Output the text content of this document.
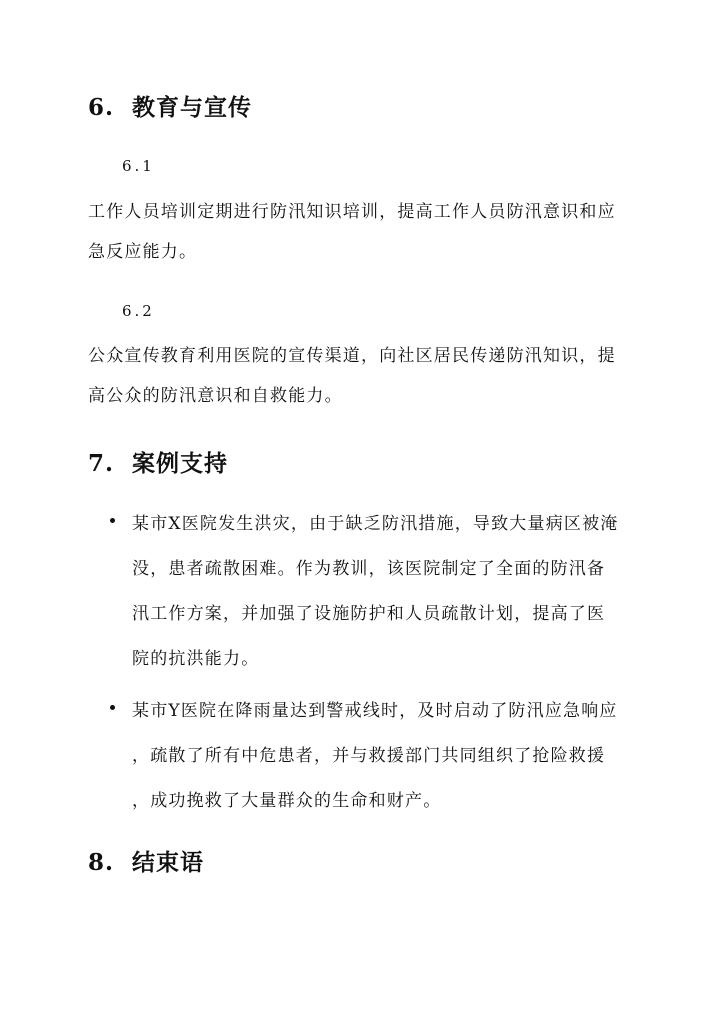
6. 教育与宣传
6.1
工作人员培训定期进行防汛知识培训，提高工作人员防汛意识和应
急反应能力。
6.2
公众宣传教育利用医院的宣传渠道，向社区居民传递防汛知识，提
高公众的防汛意识和自救能力。
7. 案例支持
某市X医院发生洪灾，由于缺乏防汛措施，导致大量病区被淹
没，患者疏散困难。作为教训，该医院制定了全面的防汛备
汛工作方案，并加强了设施防护和人员疏散计划，提高了医
院的抗洪能力。
某市Y医院在降雨量达到警戒线时，及时启动了防汛应急响应
，疏散了所有中危患者，并与救援部门共同组织了抢险救援
，成功挽救了大量群众的生命和财产。
8. 结束语
